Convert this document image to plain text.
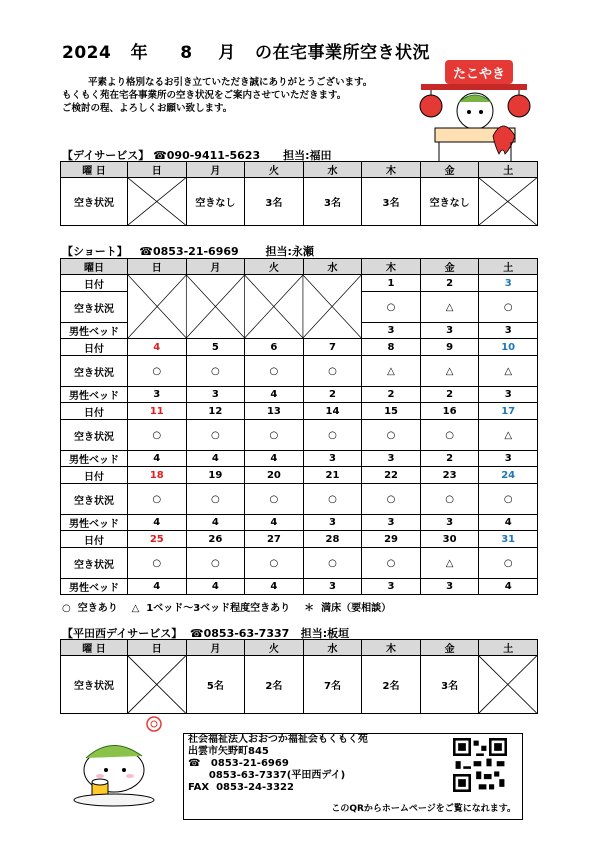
2024 年 8 月 の在宅事業所空き状況

平素より格別なるお引き立ていただき誠にありがとうございます。

もくもく苑在宅各事業所の空き状況をご案内させていただきます。

ご検討の程、よろしくお願い致します。

たこやき
【デイサービス】 ☎090-9411-5623 担当:福田
曜 日	日	月	火	水	木	金	土
空き状況		空きなし	3名	3名	3名	空きなし	
【ショート】 ☎0853-21-6969 担当:永瀬
曜日	日	月	火	水	木	金	土
日付					1	2	3
空き状況					○	△	○
男性ベッド					3	3	3
日付	4	5	6	7	8	9	10
空き状況	○	○	○	○	△	△	△
男性ベッド	3	3	4	2	2	2	3
日付	11	12	13	14	15	16	17
空き状況	○	○	○	○	○	○	△
男性ベッド	4	4	4	3	3	2	3
日付	18	19	20	21	22	23	24
空き状況	○	○	○	○	○	○	○
男性ベッド	4	4	4	3	3	3	4
日付	25	26	27	28	29	30	31
空き状況	○	○	○	○	○	△	○
男性ベッド	4	4	4	3	3	3	4
○  空きあり    △  1ベッド～3ベッド程度空きあり    ＊  満床（要相談）
【平田西デイサービス】 ☎0853-63-7337 担当:板垣
曜 日	日	月	火	水	木	金	土
空き状況		5名	2名	7名	2名	3名	
社会福祉法人おおつか福祉会もくもく苑
出雲市矢野町845
☎   0853-21-6969
0853-63-7337(平田西デイ)
FAX  0853-24-3322
このQRからホームページをご覧になれます。
